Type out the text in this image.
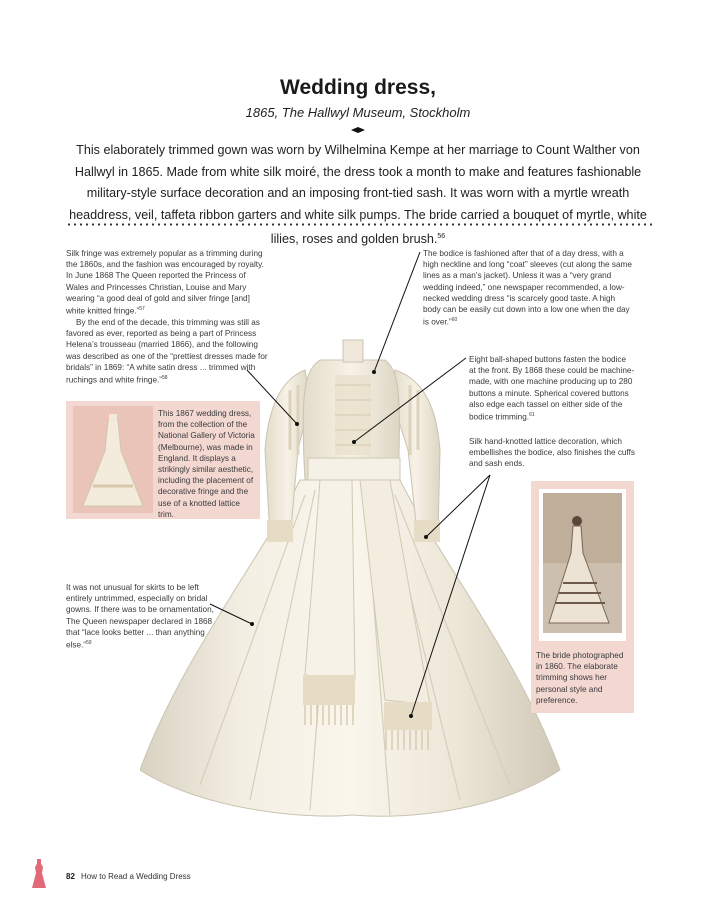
Wedding dress,
1865, The Hallwyl Museum, Stockholm
This elaborately trimmed gown was worn by Wilhelmina Kempe at her marriage to Count Walther von Hallwyl in 1865. Made from white silk moiré, the dress took a month to make and features fashionable military-style surface decoration and an imposing front-tied sash. It was worn with a myrtle wreath headdress, veil, taffeta ribbon garters and white silk pumps. The bride carried a bouquet of myrtle, white lilies, roses and golden brush.$^{56}$

Silk fringe was extremely popular as a trimming during the 1860s, and the fashion was encouraged by royalty. In June 1868 The Queen reported the Princess of Wales and Princesses Christian, Louise and Mary wearing “a good deal of gold and silver fringe [and] white knitted fringe.”$^{57}$

By the end of the decade, this trimming was still as favored as ever, reported as being a part of Princess Helena’s trousseau (married 1866), and the following was described as one of the “prettiest dresses made for bridals” in 1869: “A white satin dress ... trimmed with ruchings and white fringe.”$^{58}$

The bodice is fashioned after that of a day dress, with a high neckline and long “coat” sleeves (cut along the same lines as a man’s jacket). Unless it was a “very grand wedding indeed,” one newspaper recommended, a low-necked wedding dress “is scarcely good taste. A high body can be easily cut down into a low one when the day is over.”$^{60}$
Eight ball-shaped buttons fasten the bodice at the front. By 1868 these could be machine-made, with one machine producing up to 280 buttons a minute. Spherical covered buttons also edge each tassel on either side of the bodice trimming.$^{61}$
Silk hand-knotted lattice decoration, which embellishes the bodice, also finishes the cuffs and sash ends.
This 1867 wedding dress, from the collection of the National Gallery of Victoria (Melbourne), was made in England. It displays a strikingly similar aesthetic, including the placement of decorative fringe and the use of a knotted lattice trim.
The bride photographed in 1860. The elaborate trimming shows her personal style and preference.
It was not unusual for skirts to be left entirely untrimmed, especially on bridal gowns. If there was to be ornamentation, The Queen newspaper declared in 1868 that “lace looks better ... than anything else.”$^{59}$
82 How to Read a Wedding Dress
